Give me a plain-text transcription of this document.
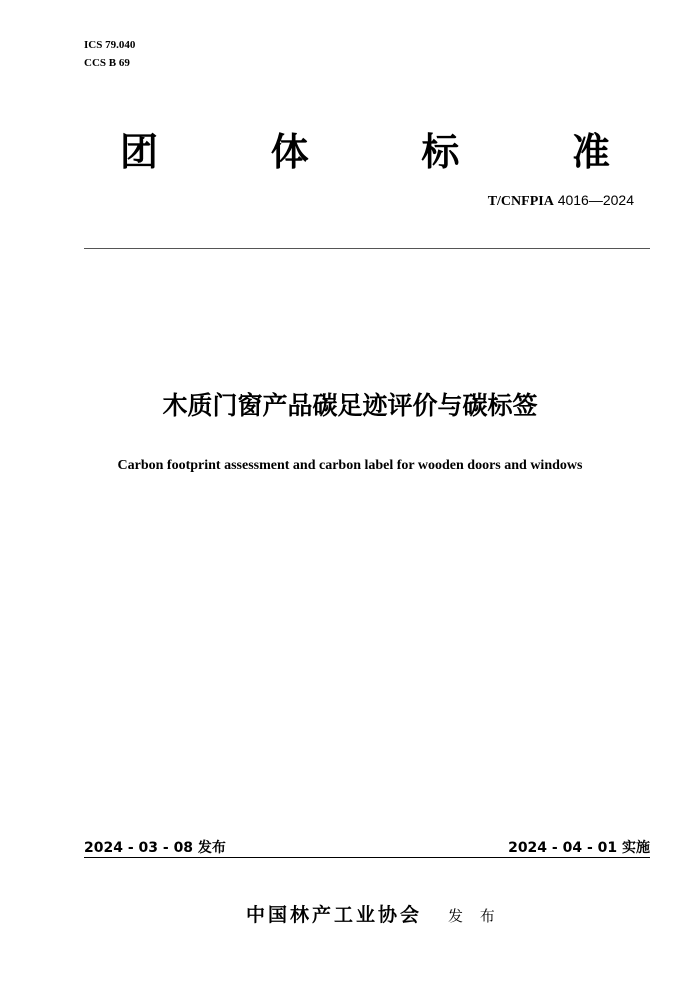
ICS 79.040
CCS B 69
团	体	标	准
T/CNFPIA 4016—2024
木质门窗产品碳足迹评价与碳标签
Carbon footprint assessment and carbon label for wooden doors and windows
2024 - 03 - 08 发布	2024 - 04 - 01 实施
中国林产工业协会 发 布
